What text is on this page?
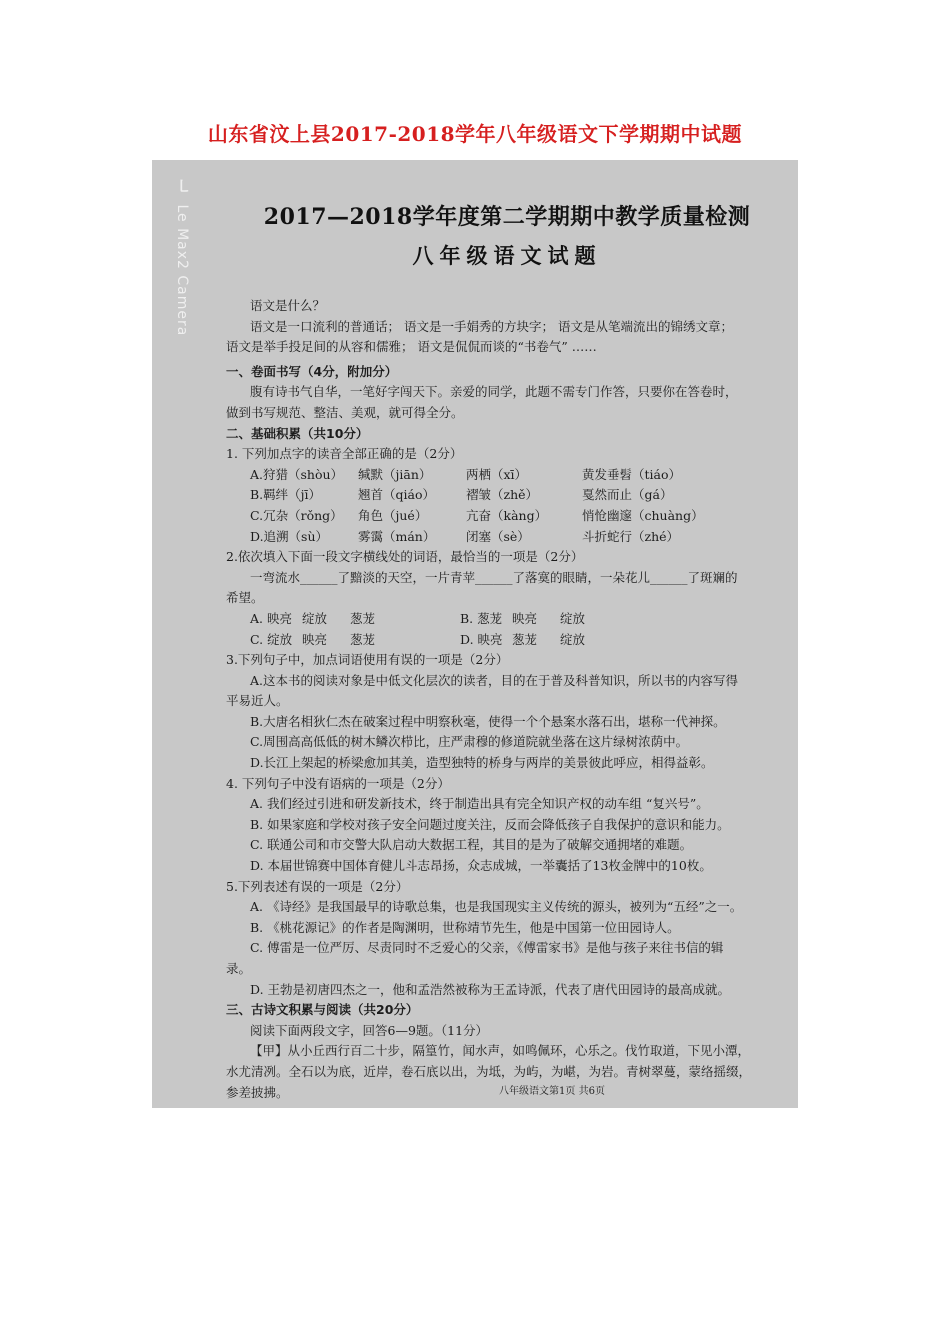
山东省汶上县2017-2018学年八年级语文下学期期中试题
2017—2018学年度第二学期期中教学质量检测
八年级语文试题
语文是什么？
语文是一口流利的普通话； 语文是一手娟秀的方块字； 语文是从笔端流出的锦绣文章；
语文是举手投足间的从容和儒雅； 语文是侃侃而谈的“书卷气” ……
一、卷面书写（4分，附加分）
腹有诗书气自华，一笔好字闯天下。亲爱的同学，此题不需专门作答，只要你在答卷时，
做到书写规范、整洁、美观，就可得全分。
二、基础积累（共10分）
1. 下列加点字的读音全部正确的是（2分）
A.狩猎（shòu）	缄默（jiān）	两栖（xī）	黄发垂髫（tiáo）
B.羁绊（jī）	翘首（qiáo）	褶皱（zhě）	戛然而止（gá）
C.冗杂（rǒng）	角色（jué）	亢奋（kàng）	悄怆幽邃（chuàng）
D.追溯（sù）	雾霭（mán）	闭塞（sè）	斗折蛇行（zhé）
2.依次填入下面一段文字横线处的词语，最恰当的一项是（2分）
一弯流水______了黯淡的天空，一片青苹______了落寞的眼睛，一朵花儿______了斑斓的
希望。
A. 映亮 绽放	葱茏	B. 葱茏 映亮	绽放
C. 绽放 映亮	葱茏	D. 映亮 葱茏	绽放
3.下列句子中，加点词语使用有误的一项是（2分）
A.这本书的阅读对象是中低文化层次的读者，目的在于普及科普知识，所以书的内容写得
平易近人。
B.大唐名相狄仁杰在破案过程中明察秋毫，使得一个个悬案水落石出，堪称一代神探。
C.周围高高低低的树木鳞次栉比，庄严肃穆的修道院就坐落在这片绿树浓荫中。
D.长江上架起的桥梁愈加其美，造型独特的桥身与两岸的美景彼此呼应，相得益彰。
4. 下列句子中没有语病的一项是（2分）
A. 我们经过引进和研发新技术，终于制造出具有完全知识产权的动车组 “复兴号”。
B. 如果家庭和学校对孩子安全问题过度关注，反而会降低孩子自我保护的意识和能力。
C. 联通公司和市交警大队启动大数据工程，其目的是为了破解交通拥堵的难题。
D. 本届世锦赛中国体育健儿斗志昂扬，众志成城，一举囊括了13枚金牌中的10枚。
5.下列表述有误的一项是（2分）
A. 《诗经》是我国最早的诗歌总集，也是我国现实主义传统的源头，被列为“五经”之一。
B. 《桃花源记》的作者是陶渊明，世称靖节先生，他是中国第一位田园诗人。
C. 傅雷是一位严厉、尽责同时不乏爱心的父亲，《傅雷家书》是他与孩子来往书信的辑
录。
D. 王勃是初唐四杰之一，他和孟浩然被称为王孟诗派，代表了唐代田园诗的最高成就。
三、古诗文积累与阅读（共20分）
阅读下面两段文字，回答6—9题。（11分）
【甲】从小丘西行百二十步，隔篁竹，闻水声，如鸣佩环，心乐之。伐竹取道，下见小潭，
水尤清冽。全石以为底，近岸，卷石底以出，为坻，为屿，为嵁，为岩。青树翠蔓，蒙络摇缀，
参差披拂。	八年级语文第1页 共6页
㇄ Le Max2 Camera
